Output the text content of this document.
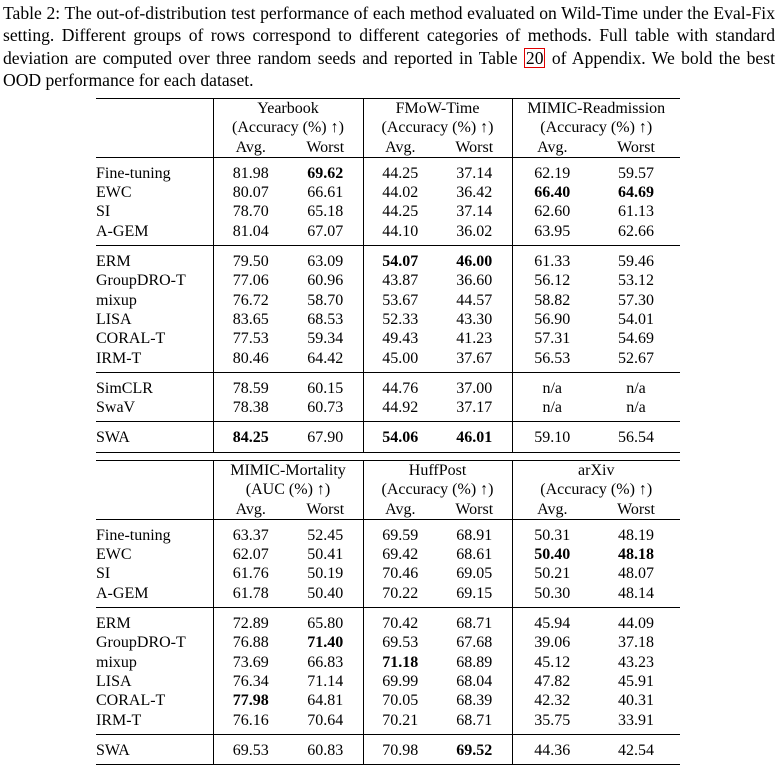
Table 2: The out-of-distribution test performance of each method evaluated on Wild-Time under the Eval-Fix setting. Different groups of rows correspond to different categories of methods. Full table with standard deviation are computed over three random seeds and reported in Table 20 of Appendix. We bold the best OOD performance for each dataset.

	Yearbook		FMoW-Time		MIMIC-Readmission	
	(Accuracy (%) ↑)		(Accuracy (%) ↑)		(Accuracy (%) ↑)	
	Avg.	Worst	Avg.	Worst	Avg.	Worst
Fine-tuning	81.98	69.62	44.25	37.14	62.19	59.57
EWC	80.07	66.61	44.02	36.42	66.40	64.69
SI	78.70	65.18	44.25	37.14	62.60	61.13
A-GEM	81.04	67.07	44.10	36.02	63.95	62.66
ERM	79.50	63.09	54.07	46.00	61.33	59.46
GroupDRO-T	77.06	60.96	43.87	36.60	56.12	53.12
mixup	76.72	58.70	53.67	44.57	58.82	57.30
LISA	83.65	68.53	52.33	43.30	56.90	54.01
CORAL-T	77.53	59.34	49.43	41.23	57.31	54.69
IRM-T	80.46	64.42	45.00	37.67	56.53	52.67
SimCLR	78.59	60.15	44.76	37.00	n/a	n/a
SwaV	78.38	60.73	44.92	37.17	n/a	n/a
SWA	84.25	67.90	54.06	46.01	59.10	56.54
	MIMIC-Mortality		HuffPost		arXiv	
	(AUC (%) ↑)		(Accuracy (%) ↑)		(Accuracy (%) ↑)	
	Avg.	Worst	Avg.	Worst	Avg.	Worst
Fine-tuning	63.37	52.45	69.59	68.91	50.31	48.19
EWC	62.07	50.41	69.42	68.61	50.40	48.18
SI	61.76	50.19	70.46	69.05	50.21	48.07
A-GEM	61.78	50.40	70.22	69.15	50.30	48.14
ERM	72.89	65.80	70.42	68.71	45.94	44.09
GroupDRO-T	76.88	71.40	69.53	67.68	39.06	37.18
mixup	73.69	66.83	71.18	68.89	45.12	43.23
LISA	76.34	71.14	69.99	68.04	47.82	45.91
CORAL-T	77.98	64.81	70.05	68.39	42.32	40.31
IRM-T	76.16	70.64	70.21	68.71	35.75	33.91
SWA	69.53	60.83	70.98	69.52	44.36	42.54
